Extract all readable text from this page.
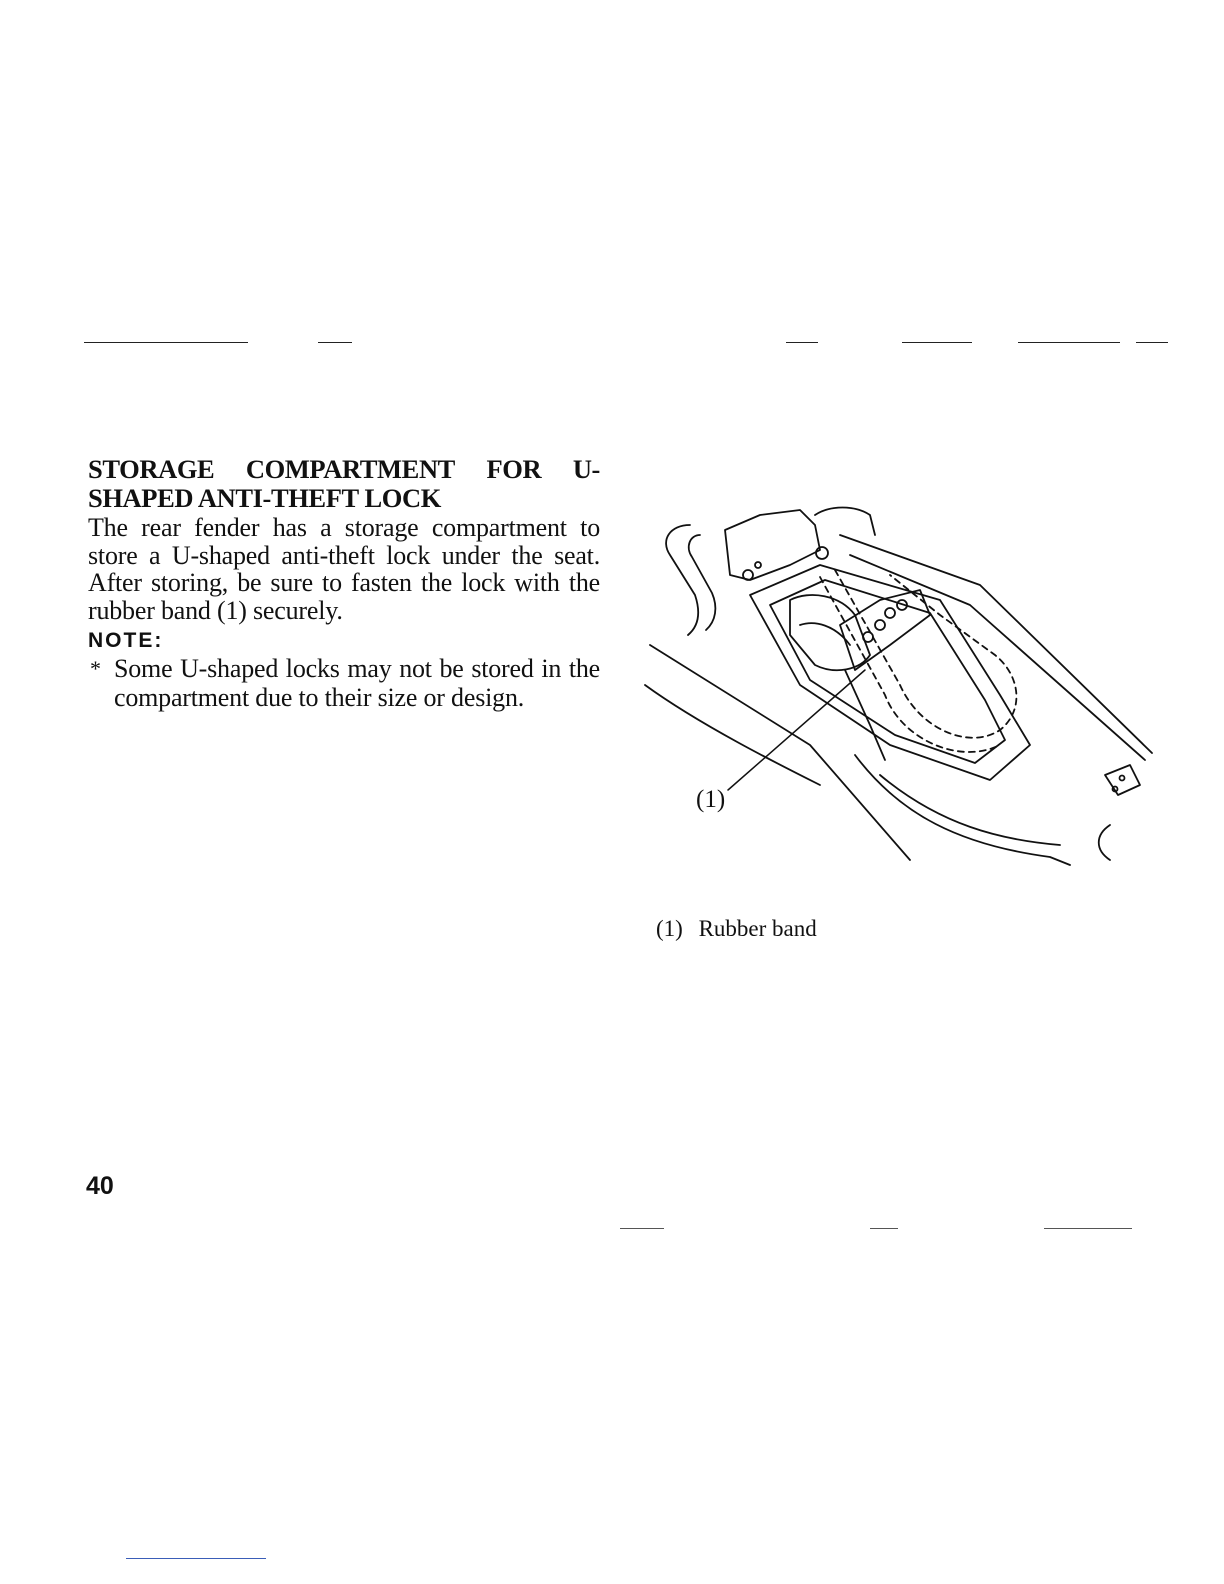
STORAGE COMPARTMENT FOR U-
SHAPED ANTI-THEFT LOCK

The rear fender has a storage compartment to store a U-shaped anti-theft lock under the seat. After storing, be sure to fasten the lock with the rubber band (1) securely.

NOTE:
* Some U-shaped locks may not be stored in the compartment due to their size or design.
(1)
(1) Rubber band
40
